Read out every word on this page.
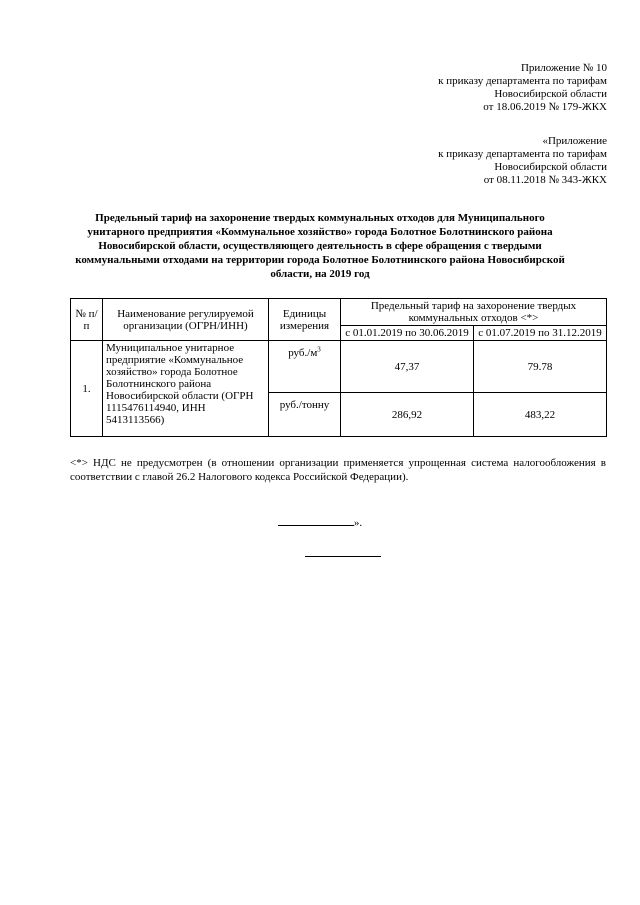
Приложение № 10
к приказу департамента по тарифам
Новосибирской области
от 18.06.2019 № 179-ЖКХ
«Приложение
к приказу департамента по тарифам
Новосибирской области
от 08.11.2018 № 343-ЖКХ
Предельный тариф на захоронение твердых коммунальных отходов для Муниципального унитарного предприятия «Коммунальное хозяйство» города Болотное Болотнинского района Новосибирской области, осуществляющего деятельность в сфере обращения с твердыми коммунальными отходами на территории города Болотное Болотнинского района Новосибирской области, на 2019 год
№ п/п	Наименование регулируемой организации (ОГРН/ИНН)	Единицы измерения	Предельный тариф на захоронение твердых коммунальных отходов <*>	
			с 01.01.2019 по 30.06.2019	с 01.07.2019 по 31.12.2019
1.	Муниципальное унитарное предприятие «Коммунальное хозяйство» города Болотное Болотнинского района Новосибирской области (ОГРН 1115476114940, ИНН 5413113566)	$руб./м^3$	47,37	79.78
		руб./тонну	286,92	483,22
<*> НДС не предусмотрен (в отношении организации применяется упрощенная система налогообложения в соответствии с главой 26.2 Налогового кодекса Российской Федерации).
».
